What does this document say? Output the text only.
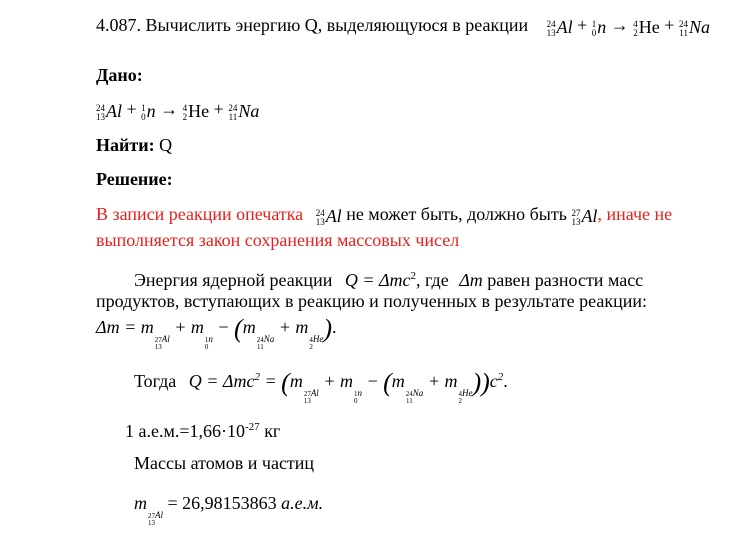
4.087. Вычислить энергию Q, выделяющуюся в реакции 24
13 Al + 1
0 n → 4
2 He + 24
11 Na
Дано:
24
13 Al + 1
0 n → 4
2 He + 24
11 Na
Найти: Q
Решение:
В записи реакции опечатка 24
13 Al не может быть, должно быть 27
13 Al, иначе не
выполняется закон сохранения массовых чисел
Энергия ядерной реакции Q = Δmc$^2$, где Δm равен разности масс
продуктов, вступающих в реакцию и полученных в результате реакции:
Δm = m
27
13
$_{Al}$ + m
1
0
$_n$ − (m
24
11
$_{Na}$ + m
4
2
$_{He}$).
Тогда Q = Δmc$^2$ = (m
27
13
$_{Al}$ + m
1
0
$_n$ − (m
24
11
$_{Na}$ + m
4
2
$_{He}))c^2$.
1 $а.е.м.=1,66\cdot 10^{-27}$ кг
Массы атомов и частиц
m
27
13
$_{Al}$ = 26,98153863 а.е.м.
